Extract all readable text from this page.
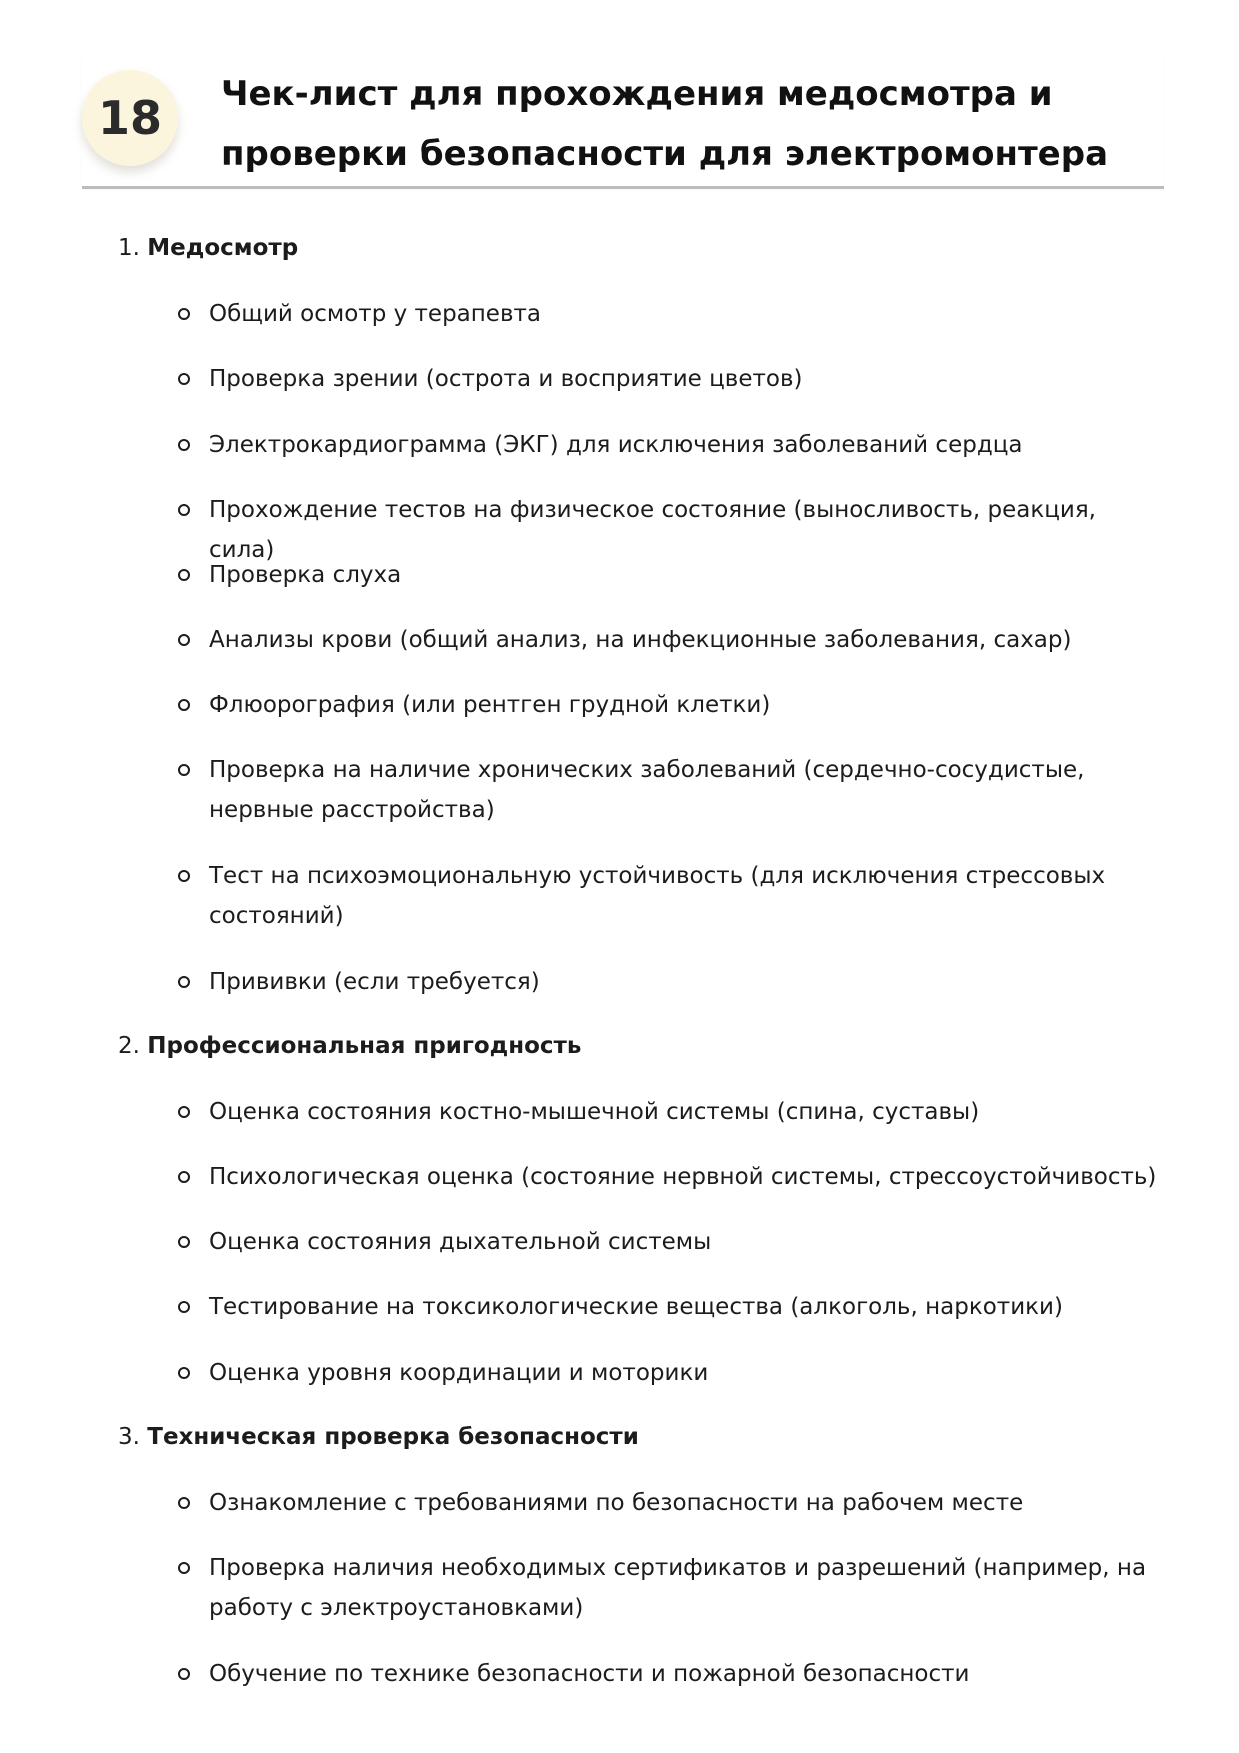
18	Чек-лист для прохождения медосмотра и проверки безопасности для электромонтера
1. Медосмотр
Общий осмотр у терапевта
Проверка зрении (острота и восприятие цветов)
Электрокардиограмма (ЭКГ) для исключения заболеваний сердца
Прохождение тестов на физическое состояние (выносливость, реакция, сила)
Проверка слуха
Анализы крови (общий анализ, на инфекционные заболевания, сахар)
Флюорография (или рентген грудной клетки)
Проверка на наличие хронических заболеваний (сердечно-сосудистые, нервные расстройства)
Тест на психоэмоциональную устойчивость (для исключения стрессовых состояний)
Прививки (если требуется)
2. Профессиональная пригодность
Оценка состояния костно-мышечной системы (спина, суставы)
Психологическая оценка (состояние нервной системы, стрессоустойчивость)
Оценка состояния дыхательной системы
Тестирование на токсикологические вещества (алкоголь, наркотики)
Оценка уровня координации и моторики
3. Техническая проверка безопасности
Ознакомление с требованиями по безопасности на рабочем месте
Проверка наличия необходимых сертификатов и разрешений (например, на работу с электроустановками)
Обучение по технике безопасности и пожарной безопасности
